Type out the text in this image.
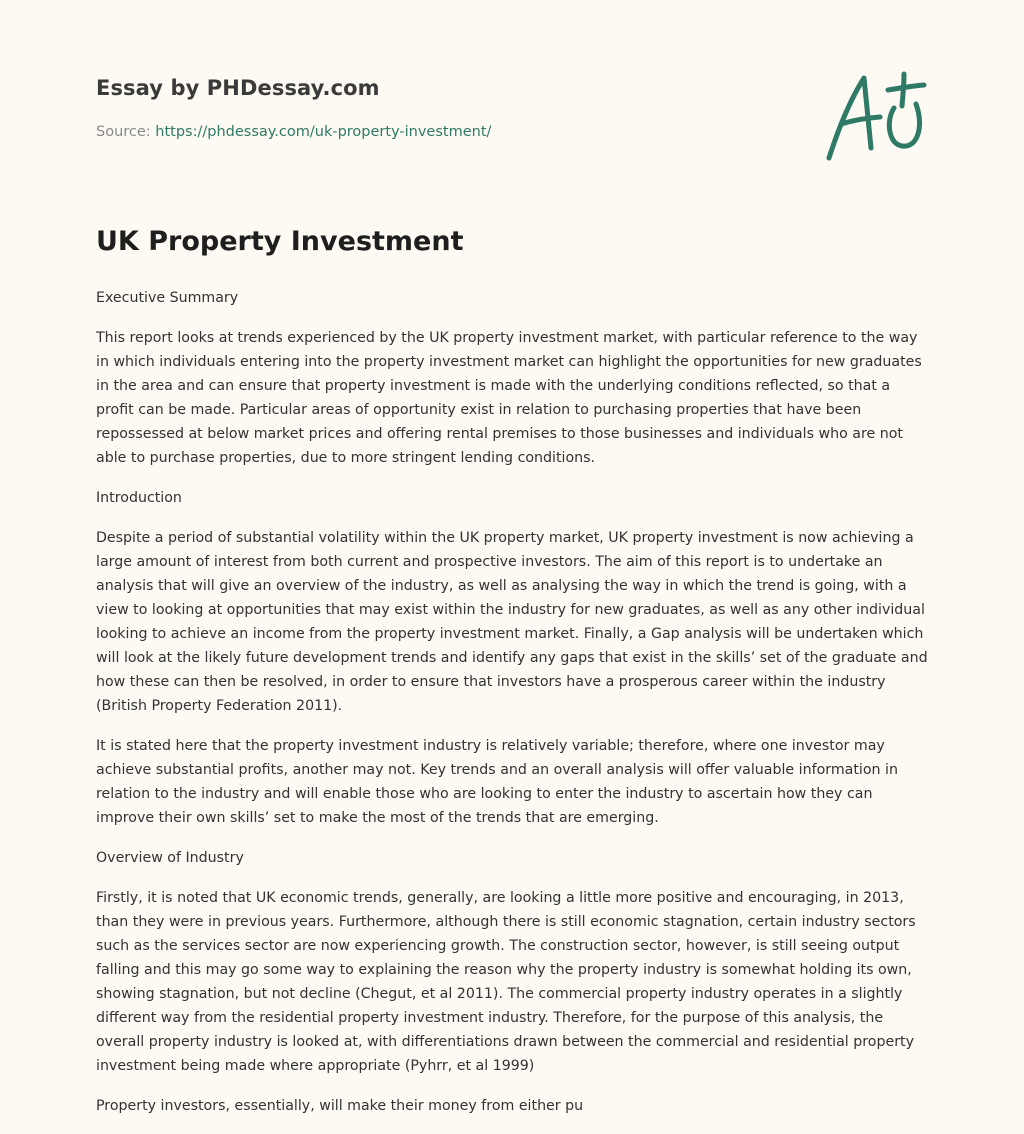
Essay by PHDessay.com
Source: https://phdessay.com/uk-property-investment/
UK Property Investment

Executive Summary

This report looks at trends experienced by the UK property investment market, with particular reference to the way in which individuals entering into the property investment market can highlight the opportunities for new graduates in the area and can ensure that property investment is made with the underlying conditions reflected, so that a profit can be made. Particular areas of opportunity exist in relation to purchasing properties that have been repossessed at below market prices and offering rental premises to those businesses and individuals who are not able to purchase properties, due to more stringent lending conditions.

Introduction

Despite a period of substantial volatility within the UK property market, UK property investment is now achieving a large amount of interest from both current and prospective investors. The aim of this report is to undertake an analysis that will give an overview of the industry, as well as analysing the way in which the trend is going, with a view to looking at opportunities that may exist within the industry for new graduates, as well as any other individual looking to achieve an income from the property investment market. Finally, a Gap analysis will be undertaken which will look at the likely future development trends and identify any gaps that exist in the skills’ set of the graduate and how these can then be resolved, in order to ensure that investors have a prosperous career within the industry (British Property Federation 2011).

It is stated here that the property investment industry is relatively variable; therefore, where one investor may achieve substantial profits, another may not. Key trends and an overall analysis will offer valuable information in relation to the industry and will enable those who are looking to enter the industry to ascertain how they can improve their own skills’ set to make the most of the trends that are emerging.

Overview of Industry

Firstly, it is noted that UK economic trends, generally, are looking a little more positive and encouraging, in 2013, than they were in previous years. Furthermore, although there is still economic stagnation, certain industry sectors such as the services sector are now experiencing growth. The construction sector, however, is still seeing output falling and this may go some way to explaining the reason why the property industry is somewhat holding its own, showing stagnation, but not decline (Chegut, et al 2011). The commercial property industry operates in a slightly different way from the residential property investment industry. Therefore, for the purpose of this analysis, the overall property industry is looked at, with differentiations drawn between the commercial and residential property investment being made where appropriate (Pyhrr, et al 1999)

Property investors, essentially, will make their money from either pu
